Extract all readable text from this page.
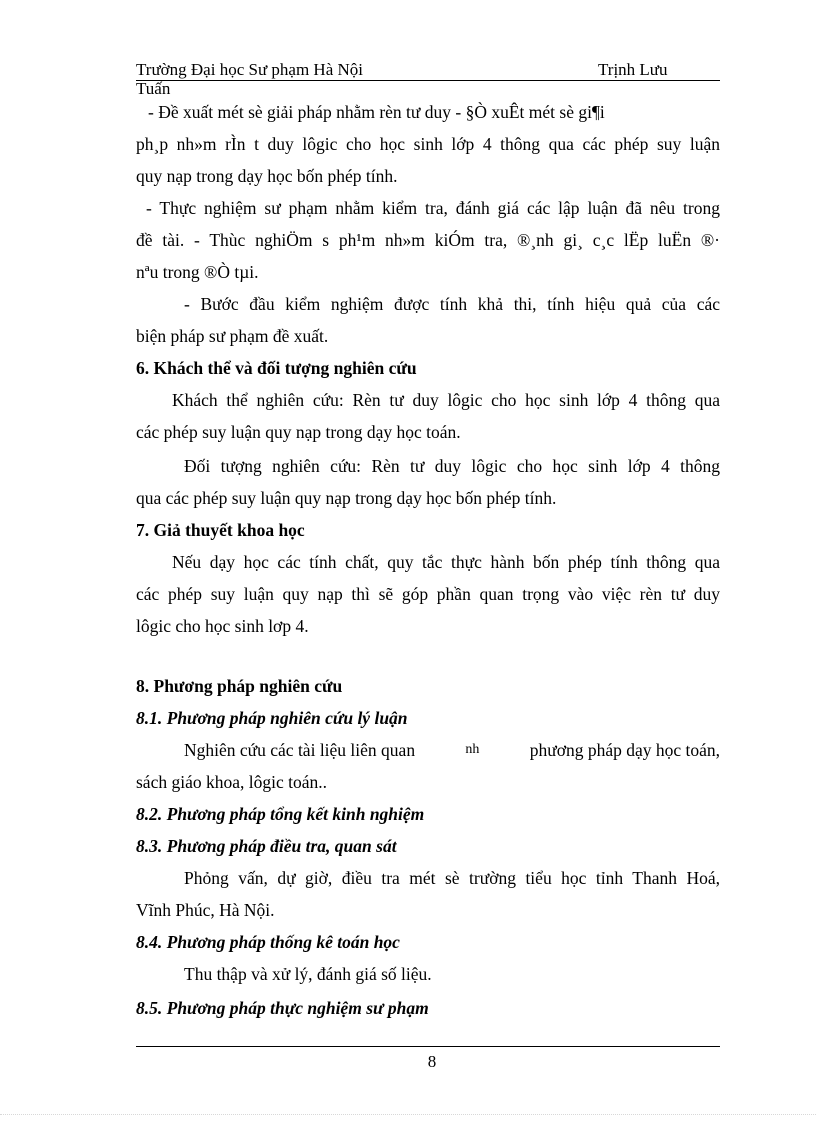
Trường Đại học Sư phạm Hà Nội	Trịnh Lưu
Tuấn
- Đề xuất mét sè giải pháp nhằm rèn tư duy - §Ò xuÊt mét sè gi¶i
ph¸p nh»m rÌn t duy lôgic cho học sinh lớp 4 thông qua các phép suy luận
quy nạp trong dạy học bốn phép tính.
- Thực nghiệm sư phạm nhằm kiểm tra, đánh giá các lập luận đã nêu trong
đề tài. - Thùc nghiÖm s ph¹m nh»m kiÓm tra, ®¸nh gi¸ c¸c lËp luËn ®·
nªu trong ®Ò tµi.
- Bước đầu kiểm nghiệm được tính khả thi, tính hiệu quả của các
biện pháp sư phạm đề xuất.
6. Khách thể và đối tượng nghiên cứu
Khách thể nghiên cứu: Rèn tư duy lôgic cho học sinh lớp 4 thông qua
các phép suy luận quy nạp trong dạy học toán.
Đối tượng nghiên cứu: Rèn tư duy lôgic cho học sinh lớp 4 thông
qua các phép suy luận quy nạp trong dạy học bốn phép tính.
7. Giả thuyết khoa học
Nếu dạy học các tính chất, quy tắc thực hành bốn phép tính thông qua
các phép suy luận quy nạp thì sẽ góp phần quan trọng vào việc rèn tư duy
lôgic cho học sinh lơp 4.
8. Phương pháp nghiên cứu
8.1. Phương pháp nghiên cứu lý luận
Nghiên cứu các tài liệu liên quan	nh	phương pháp dạy học toán,
sách giáo khoa, lôgic toán..
8.2. Phương pháp tổng kết kinh nghiệm
8.3. Phương pháp điều tra, quan sát
Phỏng vấn, dự giờ, điều tra mét sè trường tiểu học tỉnh Thanh Hoá,
Vĩnh Phúc, Hà Nội.
8.4. Phương pháp thống kê toán học
Thu thập và xử lý, đánh giá số liệu.
8.5. Phương pháp thực nghiệm sư phạm
8
